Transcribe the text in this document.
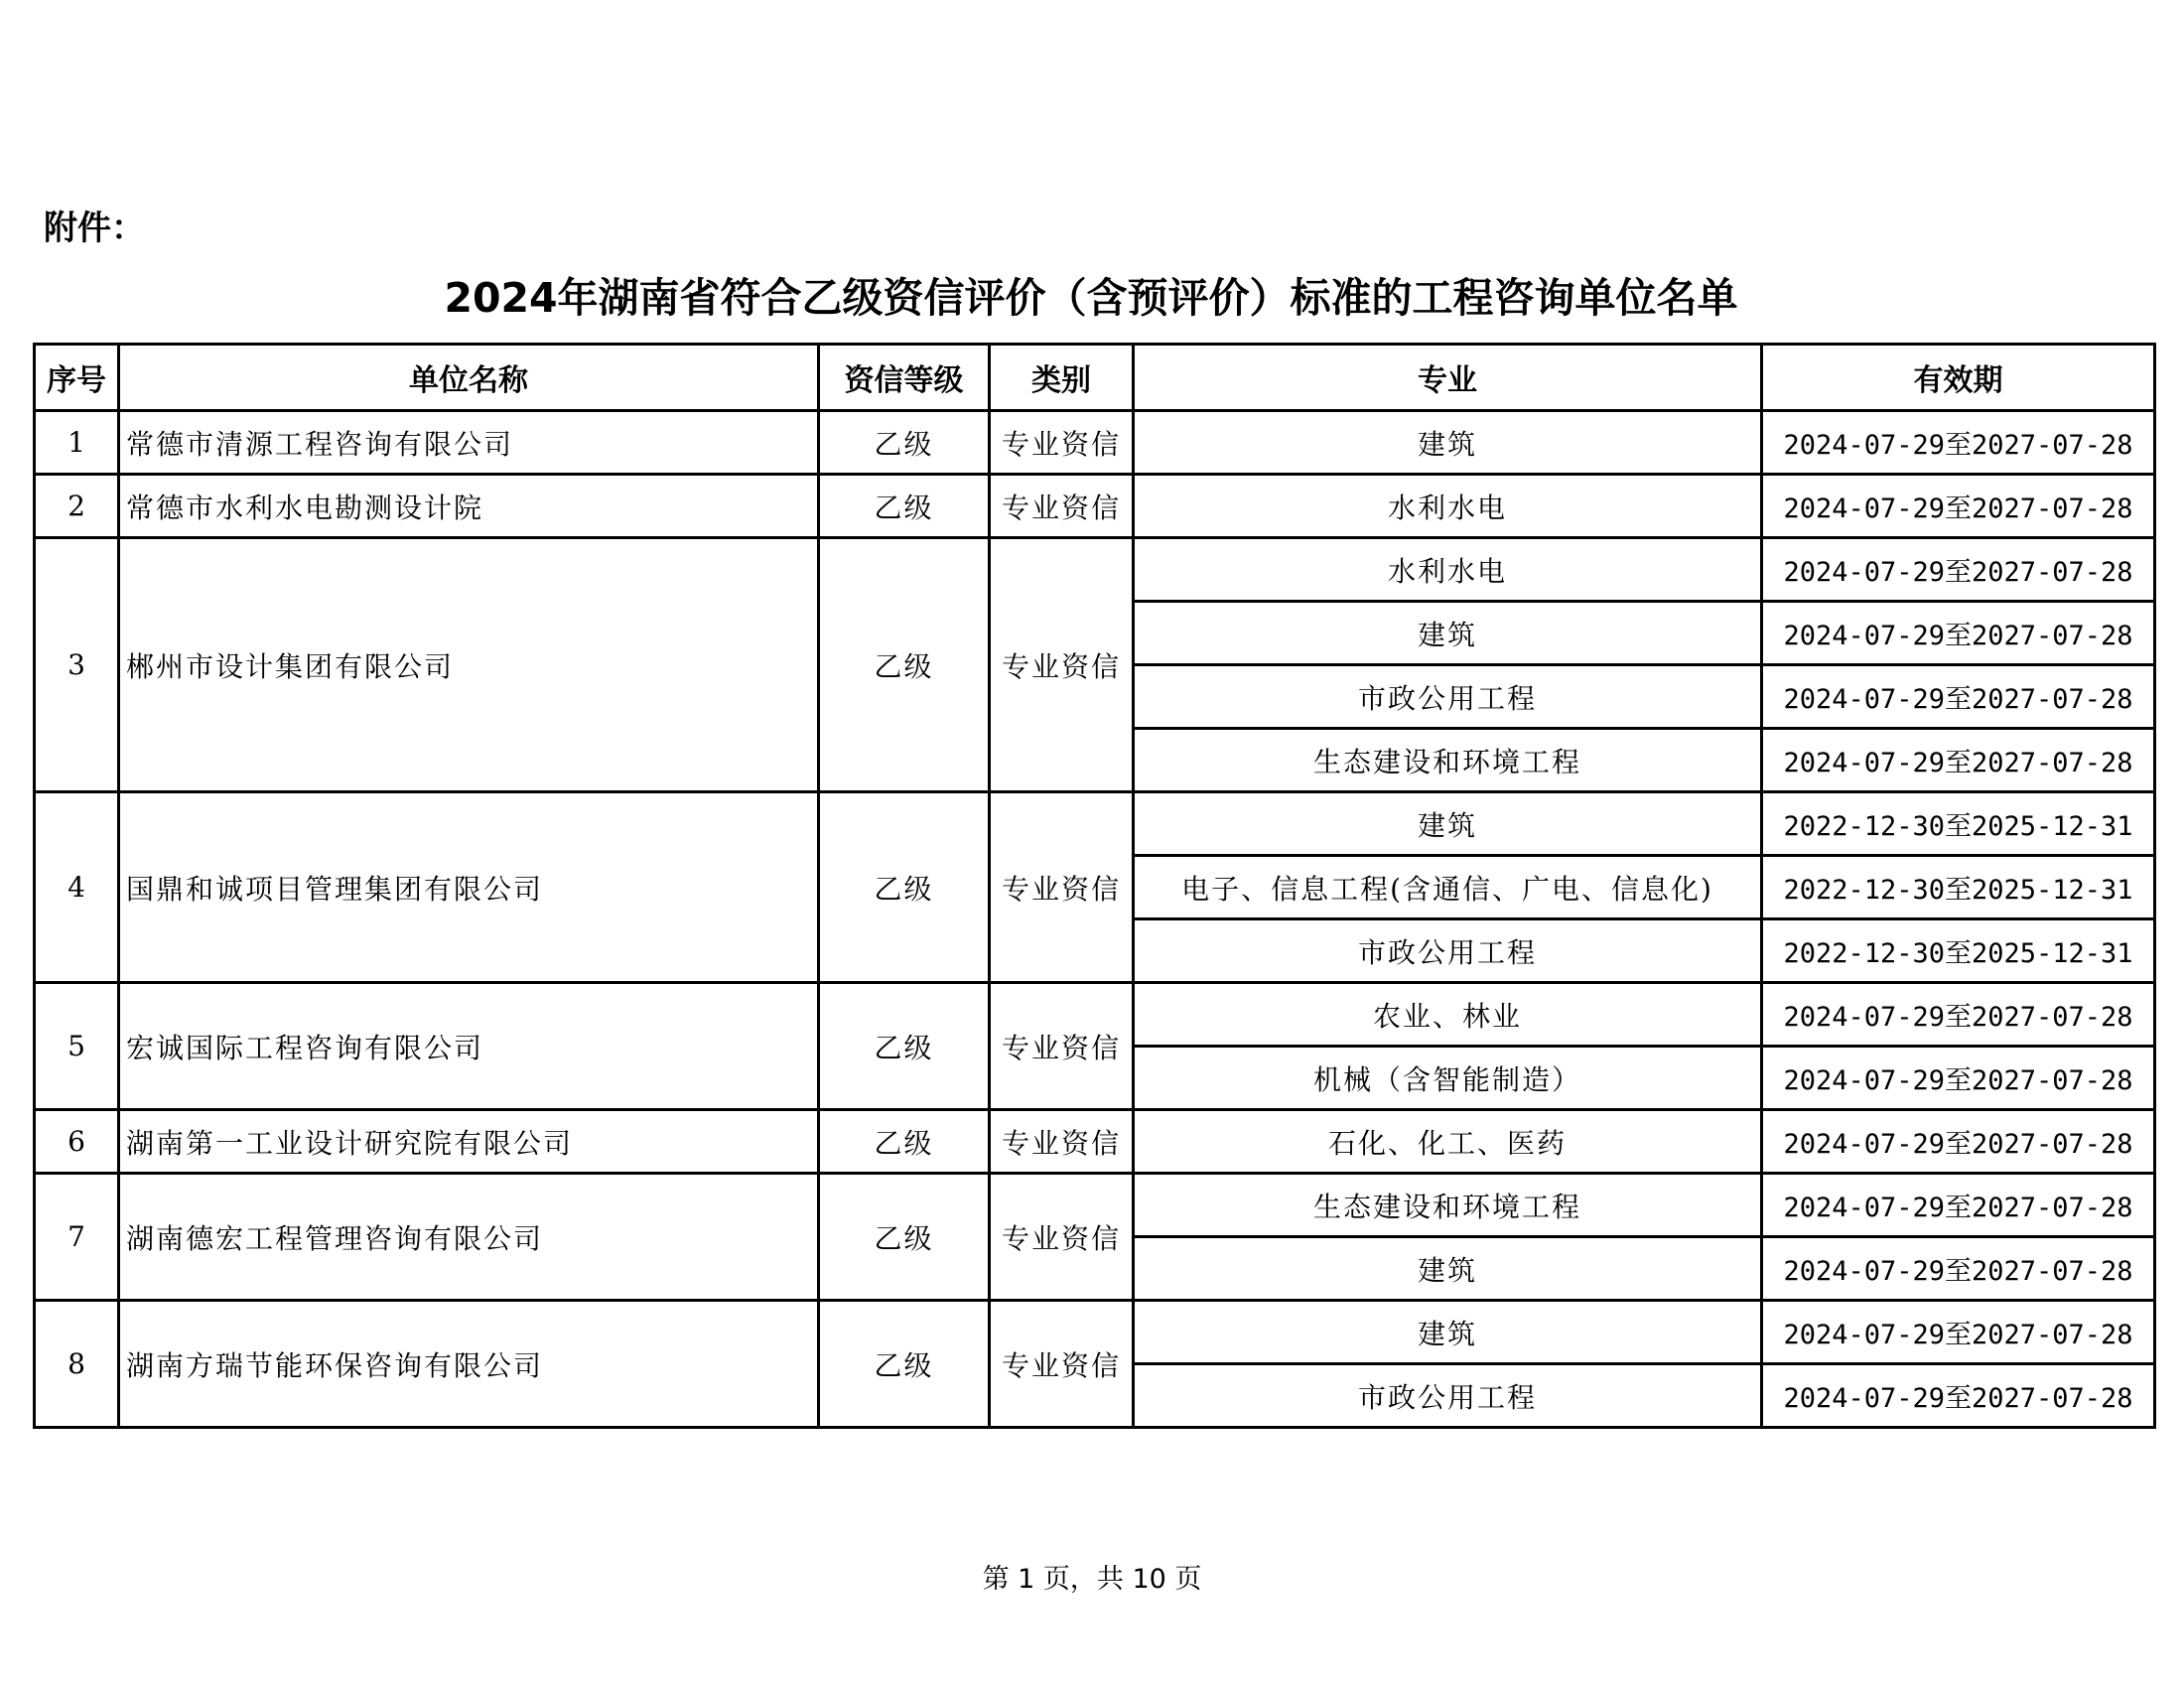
附件：
2024年湖南省符合乙级资信评价（含预评价）标准的工程咨询单位名单
序号	单位名称	资信等级	类别	专业	有效期
1	常德市清源工程咨询有限公司	乙级	专业资信	建筑	2024-07-29至2027-07-28
2	常德市水利水电勘测设计院	乙级	专业资信	水利水电	2024-07-29至2027-07-28
3	郴州市设计集团有限公司	乙级	专业资信	水利水电	2024-07-29至2027-07-28
				建筑	2024-07-29至2027-07-28
				市政公用工程	2024-07-29至2027-07-28
				生态建设和环境工程	2024-07-29至2027-07-28
4	国鼎和诚项目管理集团有限公司	乙级	专业资信	建筑	2022-12-30至2025-12-31
				电子、信息工程(含通信、广电、信息化)	2022-12-30至2025-12-31
				市政公用工程	2022-12-30至2025-12-31
5	宏诚国际工程咨询有限公司	乙级	专业资信	农业、林业	2024-07-29至2027-07-28
				机械（含智能制造）	2024-07-29至2027-07-28
6	湖南第一工业设计研究院有限公司	乙级	专业资信	石化、化工、医药	2024-07-29至2027-07-28
7	湖南德宏工程管理咨询有限公司	乙级	专业资信	生态建设和环境工程	2024-07-29至2027-07-28
				建筑	2024-07-29至2027-07-28
8	湖南方瑞节能环保咨询有限公司	乙级	专业资信	建筑	2024-07-29至2027-07-28
				市政公用工程	2024-07-29至2027-07-28
第 1 页，共 10 页
